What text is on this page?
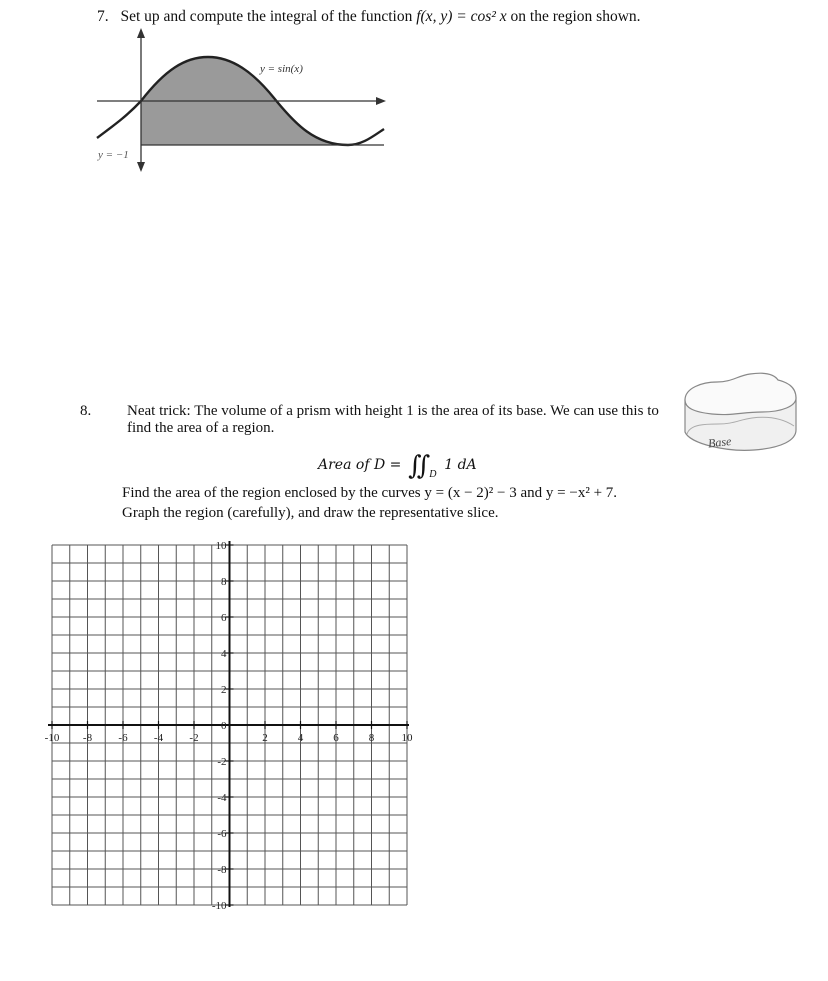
7. Set up and compute the integral of the function f(x, y) = cos² x on the region shown.
y = sin(x)
y = −1
8. Neat trick: The volume of a prism with height 1 is the area of its base. We can use this to find the area of a region.
Base
Area of $D = ∬_D$ 1 dA
Find the area of the region enclosed by the curves y = (x − 2)² − 3 and y = −x² + 7.
Graph the region (carefully), and draw the representative slice.
-10 -8 -6 -4 -2	2	4	6	8 10
10
8
6
4
2
0
-2
-4
-6
-8
-10
